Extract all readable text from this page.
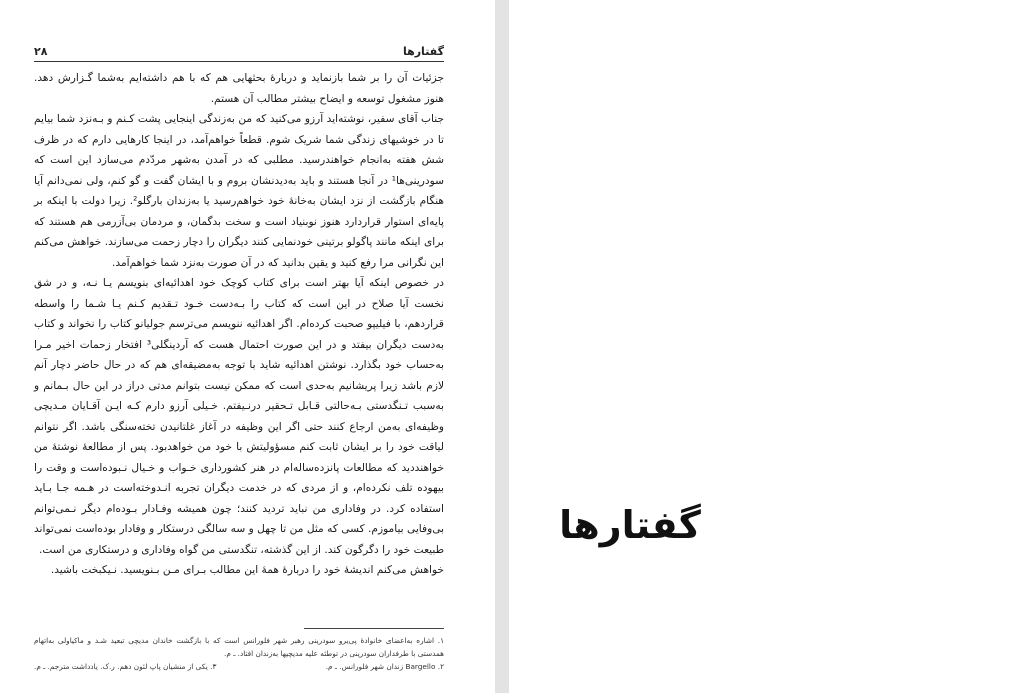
گفتارها
۲۸

جزئیات آن را بر شما بازنماید و دربارهٔ بحثهایی هم که با هم داشته‌ایم به‌شما گـزارش دهد. هنوز مشغول توسعه و ایضاح بیشتر مطالب آن هستم.

جناب آقای سفیر، نوشته‌اید آرزو می‌کنید که من به‌زندگی اینجایی پشت کـنم و بـه‌نزد شما بیایم تا در خوشیهای زندگی شما شریک شوم. قطعاً خواهم‌آمد، در اینجا کارهایی دارم که در ظرف شش هفته به‌انجام خواهندرسید. مطلبی که در آمدن به‌شهر مردّدم می‌سازد این است که سودرینی‌ها¹ در آنجا هستند و باید به‌دیدنشان بروم و با ایشان گفت و گو کنم، ولی نمی‌دانم آیا هنگام بازگشت از نزد ایشان به‌خانهٔ خود خواهم‌رسید یا به‌زندان بارگلو². زیرا دولت با اینکه بر پایه‌ای استوار قراردارد هنوز نوبنیاد است و سخت بدگمان، و مردمان بی‌آزرمی هم هستند که برای اینکه مانند پاگولو برتینی خودنمایی کنند دیگران را دچار زحمت می‌سازند. خواهش می‌کنم این نگرانی مرا رفع کنید و یقین بدانید که در آن صورت به‌نزد شما خواهم‌آمد.

در خصوص اینکه آیا بهتر است برای کتاب کوچک خود اهدائیه‌ای بنویسم یـا نـه، و در شق نخست آیا صلاح در این است که کتاب را بـه‌دست خـود تـقدیم کـنم یـا شـما را واسطه قراردهم، با فیلیپو صحبت کرده‌ام. اگر اهدائیه ننویسم می‌ترسم جولیانو کتاب را نخواند و کتاب به‌دست دیگران بیفتد و در این صورت احتمال هست که آردینگلی³ افتخار زحمات اخیر مـرا به‌حساب خود بگذارد. نوشتن اهدائیه شاید با توجه به‌مضیقه‌ای هم که در حال حاضر دچار آنم لازم باشد زیرا پریشانیم به‌حدی است که ممکن نیست بتوانم مدتی دراز در این حال بـمانم و به‌سبب تـنگدستی بـه‌حالتی قـابل تـحقیر درنـیفتم. خـیلی آرزو دارم کـه ایـن آقـایان مـدیچی وظیفه‌ای به‌من ارجاع کنند حتی اگر این وظیفه در آغاز غلتانیدن تخته‌سنگی باشد. اگر نتوانم لیاقت خود را بر ایشان ثابت کنم مسؤولیتش با خود من خواهدبود. پس از مطالعهٔ نوشتهٔ من خواهنددید که مطالعات پانزده‌ساله‌ام در هنر کشورداری خـواب و خـیال نـبوده‌است و وقت را بیهوده تلف نکرده‌ام، و از مردی که در خدمت دیگران تجربه انـدوخته‌است در هـمه جـا بـاید استفاده کرد. در وفاداری من نباید تردید کنند؛ چون همیشه وفـادار بـوده‌ام دیگر نـمی‌توانم بی‌وفایی بیاموزم. کسی که مثل من تا چهل و سه سالگی درستکار و وفادار بوده‌است نمی‌تواند طبیعت خود را دگرگون کند. از این گذشته، تنگدستی من گواه وفاداری و درستکاری من است.

خواهش می‌کنم اندیشهٔ خود را دربارهٔ همهٔ این مطالب بـرای مـن بـنویسید. نـیکبخت باشید.

۱. اشاره به‌اعضای خانوادهٔ پی‌یرو سودرینی رهبر شهر فلورانس است که با بازگشت خاندان مدیچی تبعید شـد و ماکیاولی به‌اتهام همدستی با طرفداران سودرینی در توطئه علیه مدیچیها به‌زندان افتاد. ـ م.

۲. Bargello زندان شهر فلورانس. ـ م.
۳. یکی از منشیان پاپ لئون دهم. ر.ک. یادداشت مترجم. ـ م.
گفتارها
